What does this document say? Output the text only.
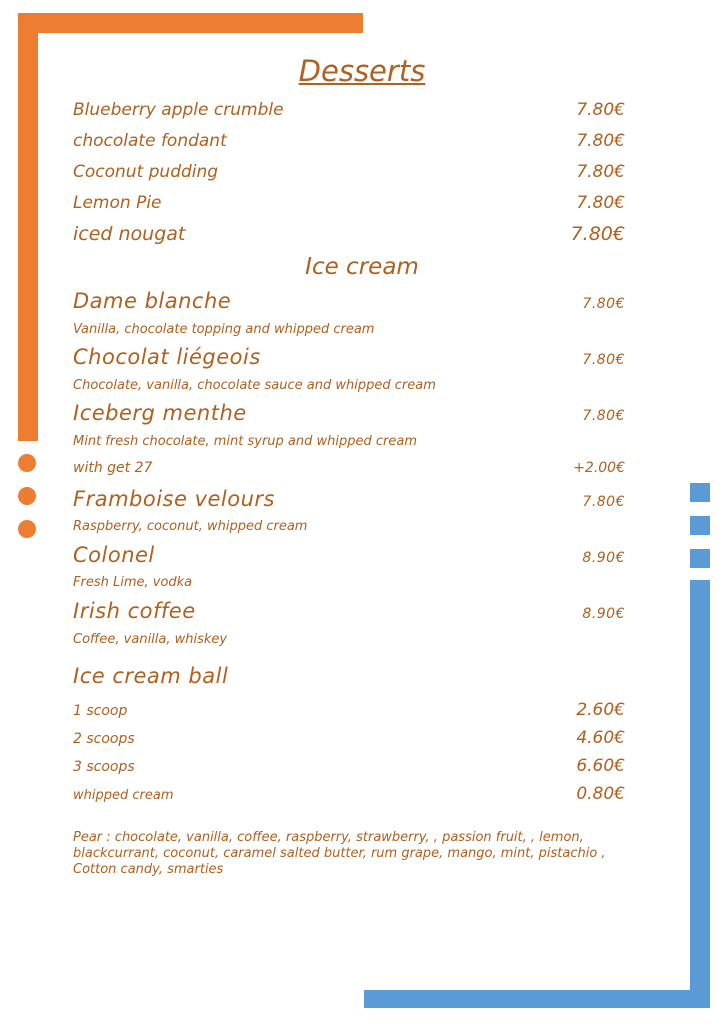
Desserts
Blueberry apple crumble	7.80€
chocolate fondant	7.80€
Coconut pudding	7.80€
Lemon Pie	7.80€
iced nougat	7.80€
Ice cream
Dame blanche	7.80€
Vanilla, chocolate topping and whipped cream
Chocolat liégeois	7.80€
Chocolate, vanilla, chocolate sauce and whipped cream
Iceberg menthe	7.80€
Mint fresh chocolate, mint syrup and whipped cream
with get 27	+2.00€
Framboise velours	7.80€
Raspberry, coconut, whipped cream
Colonel	8.90€
Fresh Lime, vodka
Irish coffee	8.90€
Coffee, vanilla, whiskey
Ice cream ball
1 scoop	2.60€
2 scoops	4.60€
3 scoops	6.60€
whipped cream	0.80€
Pear : chocolate, vanilla, coffee, raspberry, strawberry, , passion fruit, , lemon, blackcurrant, coconut, caramel salted butter, rum grape, mango, mint, pistachio , Cotton candy, smarties
